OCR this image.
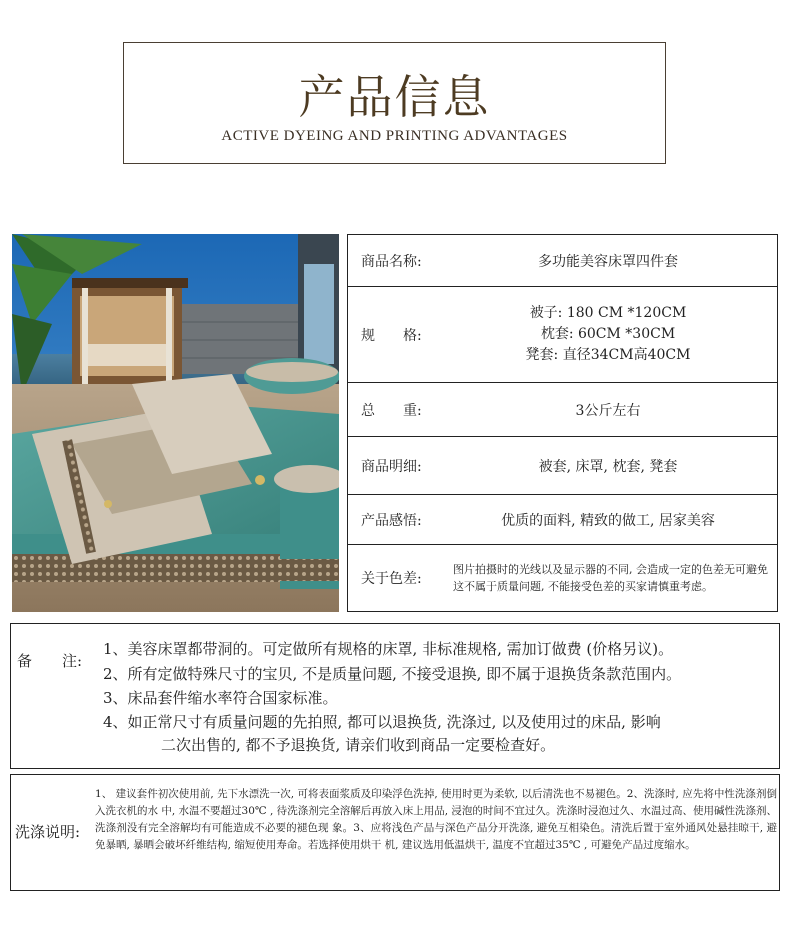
产品信息
ACTIVE DYEING AND PRINTING ADVANTAGES
商品名称:	多功能美容床罩四件套
规　　格:
被子: 180 CM *120CM
枕套: 60CM *30CM
凳套: 直径34CM高40CM
总　　重:	3公斤左右
商品明细:	被套, 床罩, 枕套, 凳套
产品感悟:	优质的面料, 精致的做工, 居家美容
关于色差:
图片拍摄时的光线以及显示器的不同, 会造成一定的色差无可避免这不属于质量问题, 不能接受色差的买家请慎重考虑。
备　　注:
1、美容床罩都带洞的。可定做所有规格的床罩, 非标准规格, 需加订做费 (价格另议)。
2、所有定做特殊尺寸的宝贝, 不是质量问题, 不接受退换, 即不属于退换货条款范围内。
3、床品套件缩水率符合国家标准。
4、如正常尺寸有质量问题的先拍照, 都可以退换货, 洗涤过, 以及使用过的床品, 影响
二次出售的, 都不予退换货, 请亲们收到商品一定要检查好。
洗涤说明:
1、 建议套件初次使用前, 先下水漂洗一次, 可将表面浆质及印染浮色洗掉, 使用时更为柔软, 以后清洗也不易褪色。2、洗涤时, 应先将中性洗涤剂倒入洗衣机的水 中, 水温不要超过30℃ , 待洗涤剂完全溶解后再放入床上用品, 浸泡的时间不宜过久。洗涤时浸泡过久、水温过高、使用碱性洗涤剂、洗涤剂没有完全溶解均有可能造成不必要的褪色现 象。3、应将浅色产品与深色产品分开洗涤, 避免互相染色。清洗后置于室外通风处悬挂晾干, 避免暴晒, 暴晒会破坏纤维结构, 缩短使用寿命。若选择使用烘干 机, 建议选用低温烘干, 温度不宜超过35℃ , 可避免产品过度缩水。
